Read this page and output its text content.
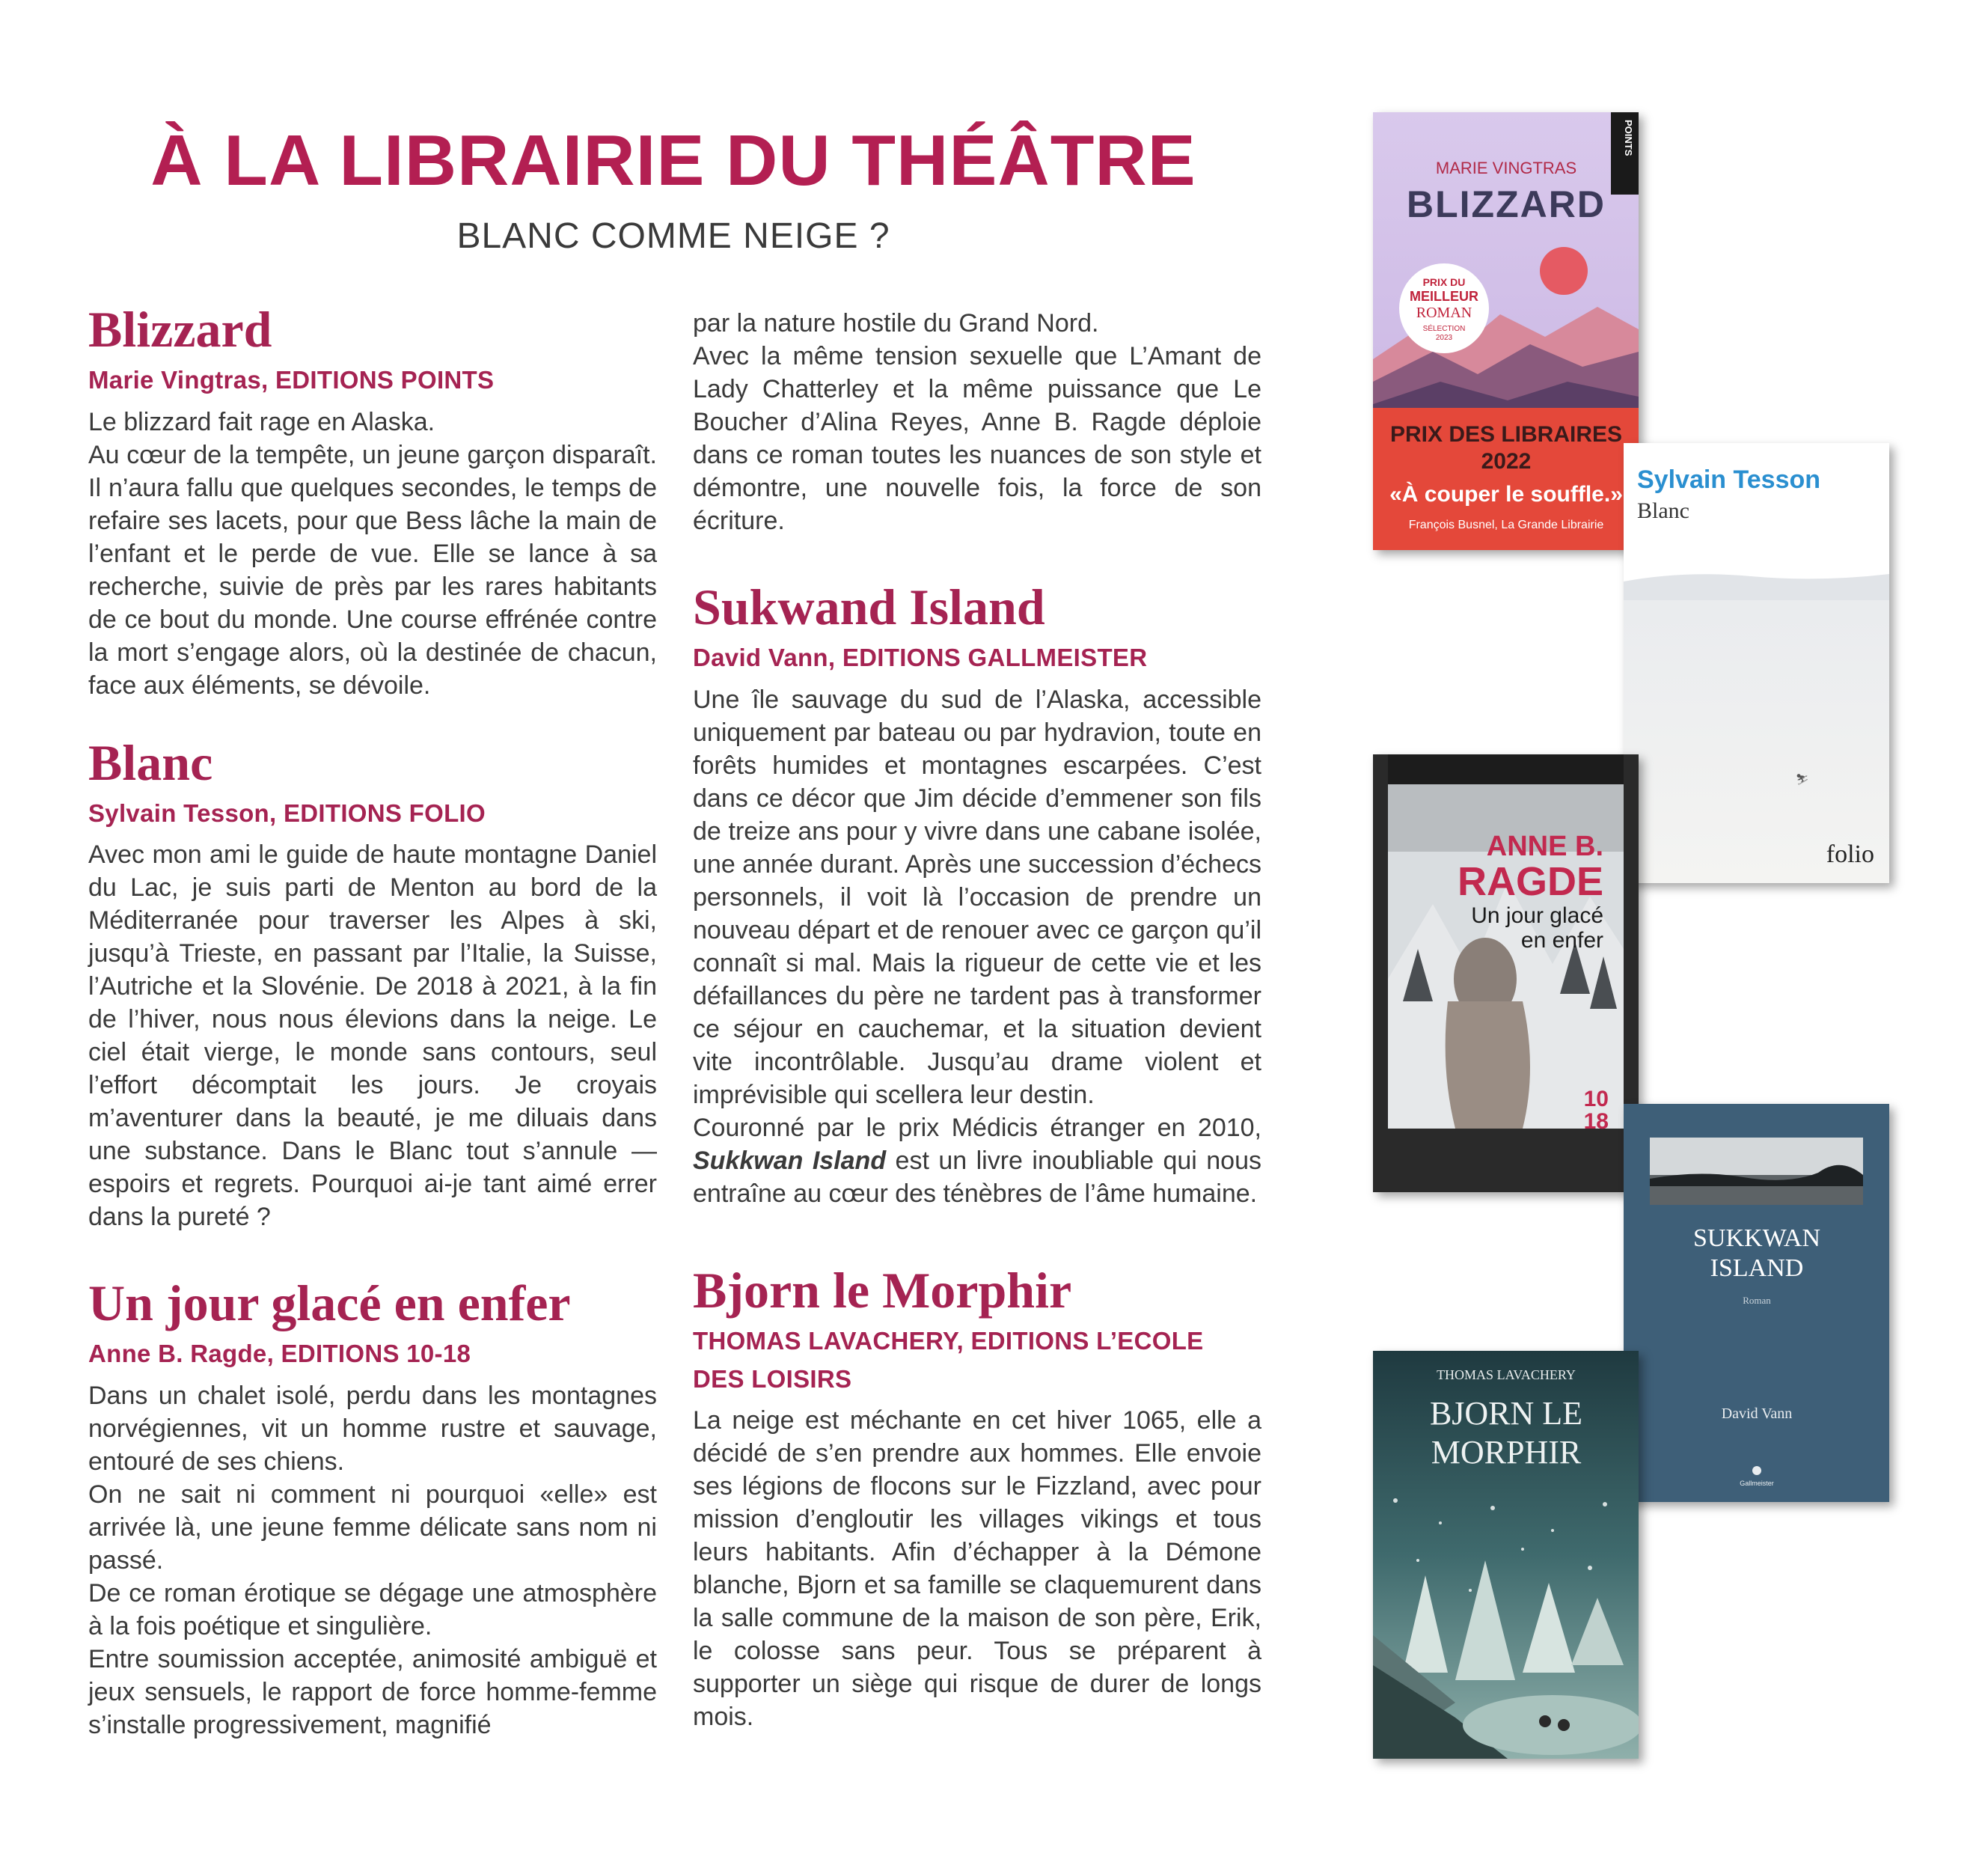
À LA LIBRAIRIE DU THÉÂTRE
BLANC COMME NEIGE ?
Blizzard
Marie Vingtras, EDITIONS POINTS

Le blizzard fait rage en Alaska.
Au cœur de la tempête, un jeune garçon disparaît. Il n’aura fallu que quelques secondes, le temps de refaire ses lacets, pour que Bess lâche la main de l’enfant et le perde de vue. Elle se lance à sa recherche, suivie de près par les rares habitants de ce bout du monde. Une course effrénée contre la mort s’engage alors, où la destinée de chacun, face aux éléments, se dévoile.

Blanc
Sylvain Tesson, EDITIONS FOLIO

Avec mon ami le guide de haute montagne Daniel du Lac, je suis parti de Menton au bord de la Méditerranée pour traverser les Alpes à ski, jusqu’à Trieste, en passant par l’Italie, la Suisse, l’Autriche et la Slovénie. De 2018 à 2021, à la fin de l’hiver, nous nous élevions dans la neige. Le ciel était vierge, le monde sans contours, seul l’effort décomptait les jours. Je croyais m’aventurer dans la beauté, je me diluais dans une substance. Dans le Blanc tout s’annule — espoirs et regrets. Pourquoi ai-je tant aimé errer dans la pureté ?

Un jour glacé en enfer
Anne B. Ragde, EDITIONS 10-18

Dans un chalet isolé, perdu dans les montagnes norvégiennes, vit un homme rustre et sauvage, entouré de ses chiens.
On ne sait ni comment ni pourquoi «elle» est arrivée là, une jeune femme délicate sans nom ni passé.
De ce roman érotique se dégage une atmosphère à la fois poétique et singulière.
Entre soumission acceptée, animosité ambiguë et jeux sensuels, le rapport de force homme-femme s’installe progressivement, magnifié

par la nature hostile du Grand Nord.
Avec la même tension sexuelle que L’Amant de Lady Chatterley et la même puissance que Le Boucher d’Alina Reyes, Anne B. Ragde déploie dans ce roman toutes les nuances de son style et démontre, une nouvelle fois, la force de son écriture.

Sukwand Island
David Vann, EDITIONS GALLMEISTER

Une île sauvage du sud de l’Alaska, accessible uniquement par bateau ou par hydravion, toute en forêts humides et montagnes escarpées. C’est dans ce décor que Jim décide d’emmener son fils de treize ans pour y vivre dans une cabane isolée, une année durant. Après une succession d’échecs personnels, il voit là l’occasion de prendre un nouveau départ et de renouer avec ce garçon qu’il connaît si mal. Mais la rigueur de cette vie et les défaillances du père ne tardent pas à transformer ce séjour en cauchemar, et la situation devient vite incontrôlable. Jusqu’au drame violent et imprévisible qui scellera leur destin.

Couronné par le prix Médicis étranger en 2010, Sukkwan Island est un livre inoubliable qui nous entraîne au cœur des ténèbres de l’âme humaine.

Bjorn le Morphir
THOMAS LAVACHERY, EDITIONS L’ECOLE DES LOISIRS

La neige est méchante en cet hiver 1065, elle a décidé de s’en prendre aux hommes. Elle envoie ses légions de flocons sur le Fizzland, avec pour mission d’engloutir les villages vikings et tous leurs habitants. Afin d’échapper à la Démone blanche, Bjorn et sa famille se claquemurent dans la salle commune de la maison de son père, Erik, le colosse sans peur. Tous se préparent à supporter un siège qui risque de durer de longs mois.

POINTS
MARIE VINGTRAS
BLIZZARD
PRIX DU
MEILLEUR
ROMAN
SÉLECTION
2023
PRIX DES LIBRAIRES
2022
«À couper le souffle.»
François Busnel, La Grande Librairie
Sylvain Tesson
Blanc
⛷
folio
ANNE B.
RAGDE
Un jour glacé
en enfer
10
18
SUKKWAN
ISLAND
Roman
David Vann
Gallmeister
THOMAS LAVACHERY
BJORN LE
MORPHIR
